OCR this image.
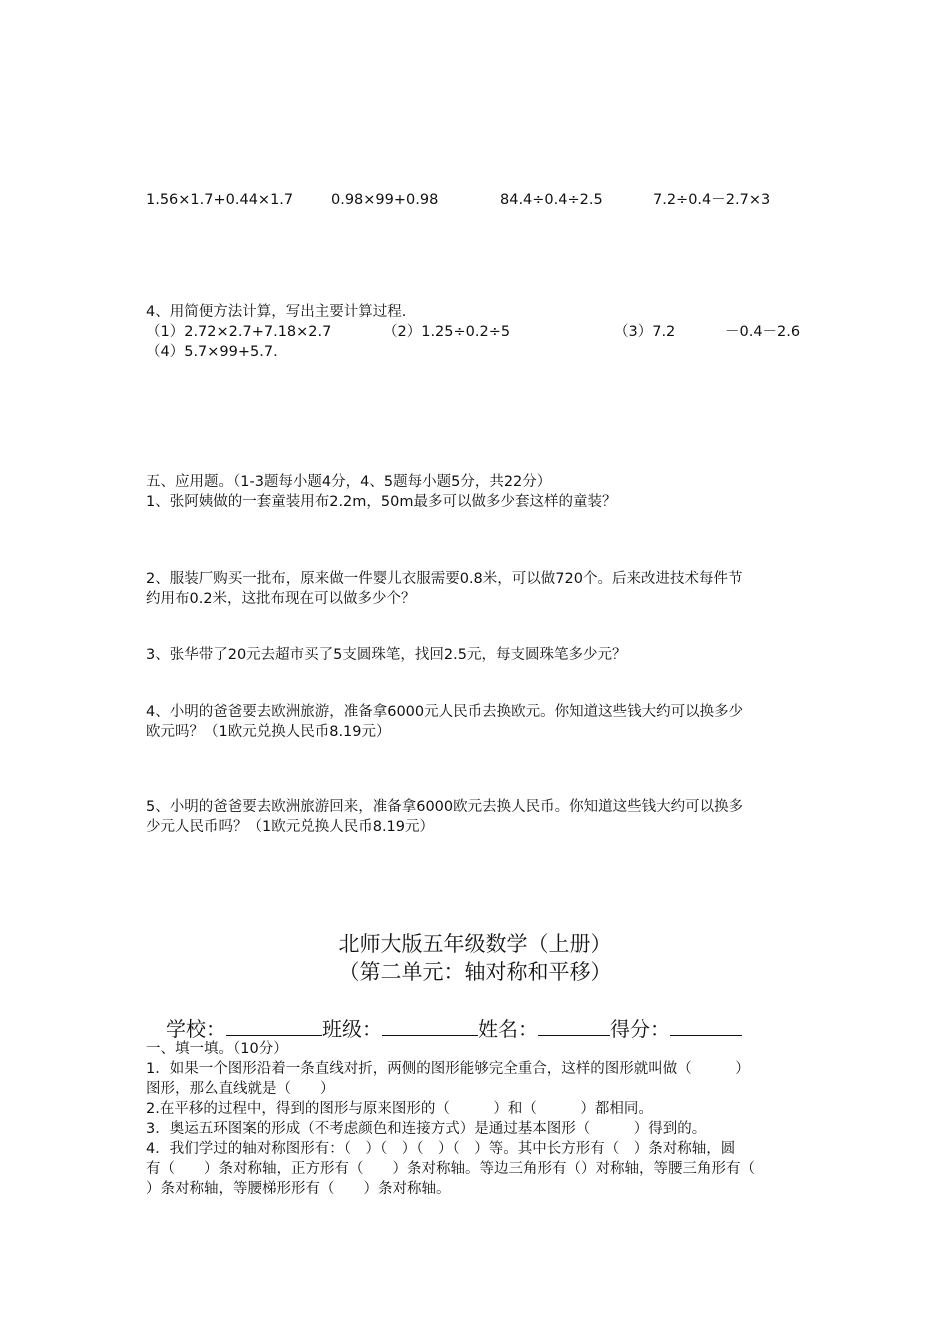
1.56×1.7+0.44×1.7	0.98×99+0.98	84.4÷0.4÷2.5	7.2÷0.4－2.7×3
4、用简便方法计算，写出主要计算过程.
（1）2.72×2.7+7.18×2.7	（2）1.25÷0.2÷5	（3）7.2	－0.4－2.6
（4）5.7×99+5.7.
五、应用题。（1-3题每小题4分，4、5题每小题5分，共22分）
1、张阿姨做的一套童装用布2.2m，50m最多可以做多少套这样的童装？
2、服装厂购买一批布，原来做一件婴儿衣服需要0.8米，可以做720个。后来改进技术每件节
约用布0.2米，这批布现在可以做多少个？
3、张华带了20元去超市买了5支圆珠笔，找回2.5元，每支圆珠笔多少元？
4、小明的爸爸要去欧洲旅游，准备拿6000元人民币去换欧元。你知道这些钱大约可以换多少
欧元吗？（1欧元兑换人民币8.19元）
5、小明的爸爸要去欧洲旅游回来，准备拿6000欧元去换人民币。你知道这些钱大约可以换多
少元人民币吗？（1欧元兑换人民币8.19元）
北师大版五年级数学（上册）
（第二单元：轴对称和平移）
学校：	班级：	姓名：	得分：
一、填一填。（10分）
1．如果一个图形沿着一条直线对折，两侧的图形能够完全重合，这样的图形就叫做（　　　）
图形，那么直线就是（　　）
2.在平移的过程中，得到的图形与原来图形的（　　　）和（　　　）都相同。
3．奥运五环图案的形成（不考虑颜色和连接方式）是通过基本图形（　　　）得到的。
4．我们学过的轴对称图形有：（　）（　）（　）（　）等。其中长方形有（　）条对称轴，圆
有（　　）条对称轴，正方形有（　　）条对称轴。等边三角形有（）对称轴，等腰三角形有（
）条对称轴，等腰梯形形有（　　）条对称轴。
